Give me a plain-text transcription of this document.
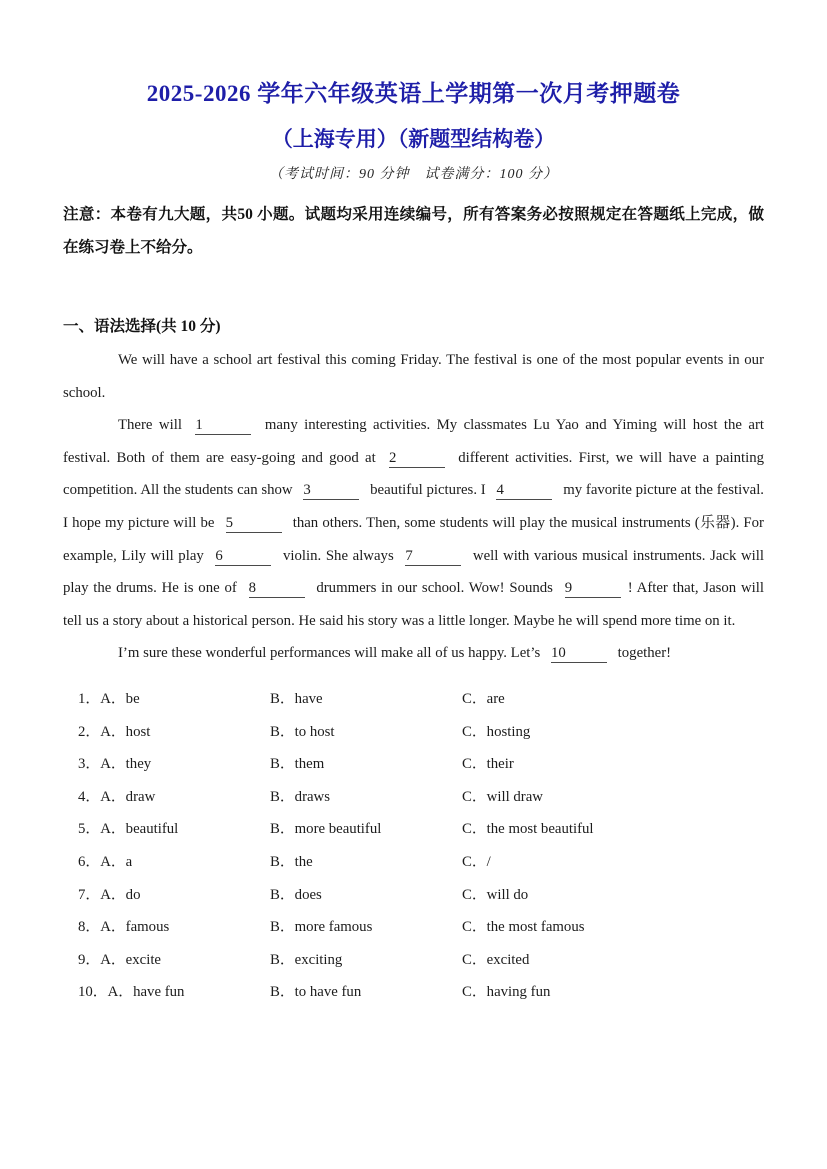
2025-2026 学年六年级英语上学期第一次月考押题卷
（上海专用）（新题型结构卷）
（考试时间：90 分钟　试卷满分：100 分）

注意：本卷有九大题，共50 小题。试题均采用连续编号，所有答案务必按照规定在答题纸上完成，做在练习卷上不给分。

一、语法选择(共 10 分)

We will have a school art festival this coming Friday. The festival is one of the most popular events in our school.

There will 1	many interesting activities. My classmates Lu Yao and Yiming will host the art festival. Both of them are easy-going and good at 2	different activities. First, we will have a painting competition. All the students can show 3	beautiful pictures. I 4	my favorite picture at the festival. I hope my picture will be 5	than others. Then, some students will play the musical instruments (乐器). For example, Lily will play 6	violin. She always 7	well with various musical instruments. Jack will play the drums. He is one of 8	drummers in our school. Wow! Sounds 9	! After that, Jason will tell us a story about a historical person. He said his story was a little longer. Maybe he will spend more time on it.

I’m sure these wonderful performances will make all of us happy. Let’s 10	together!

1．A．be	B．have	C．are
2．A．host	B．to host	C．hosting
3．A．they	B．them	C．their
4．A．draw	B．draws	C．will draw
5．A．beautiful	B．more beautiful	C．the most beautiful
6．A．a	B．the	C．/
7．A．do	B．does	C．will do
8．A．famous	B．more famous	C．the most famous
9．A．excite	B．exciting	C．excited
10．A．have fun	B．to have fun	C．having fun
